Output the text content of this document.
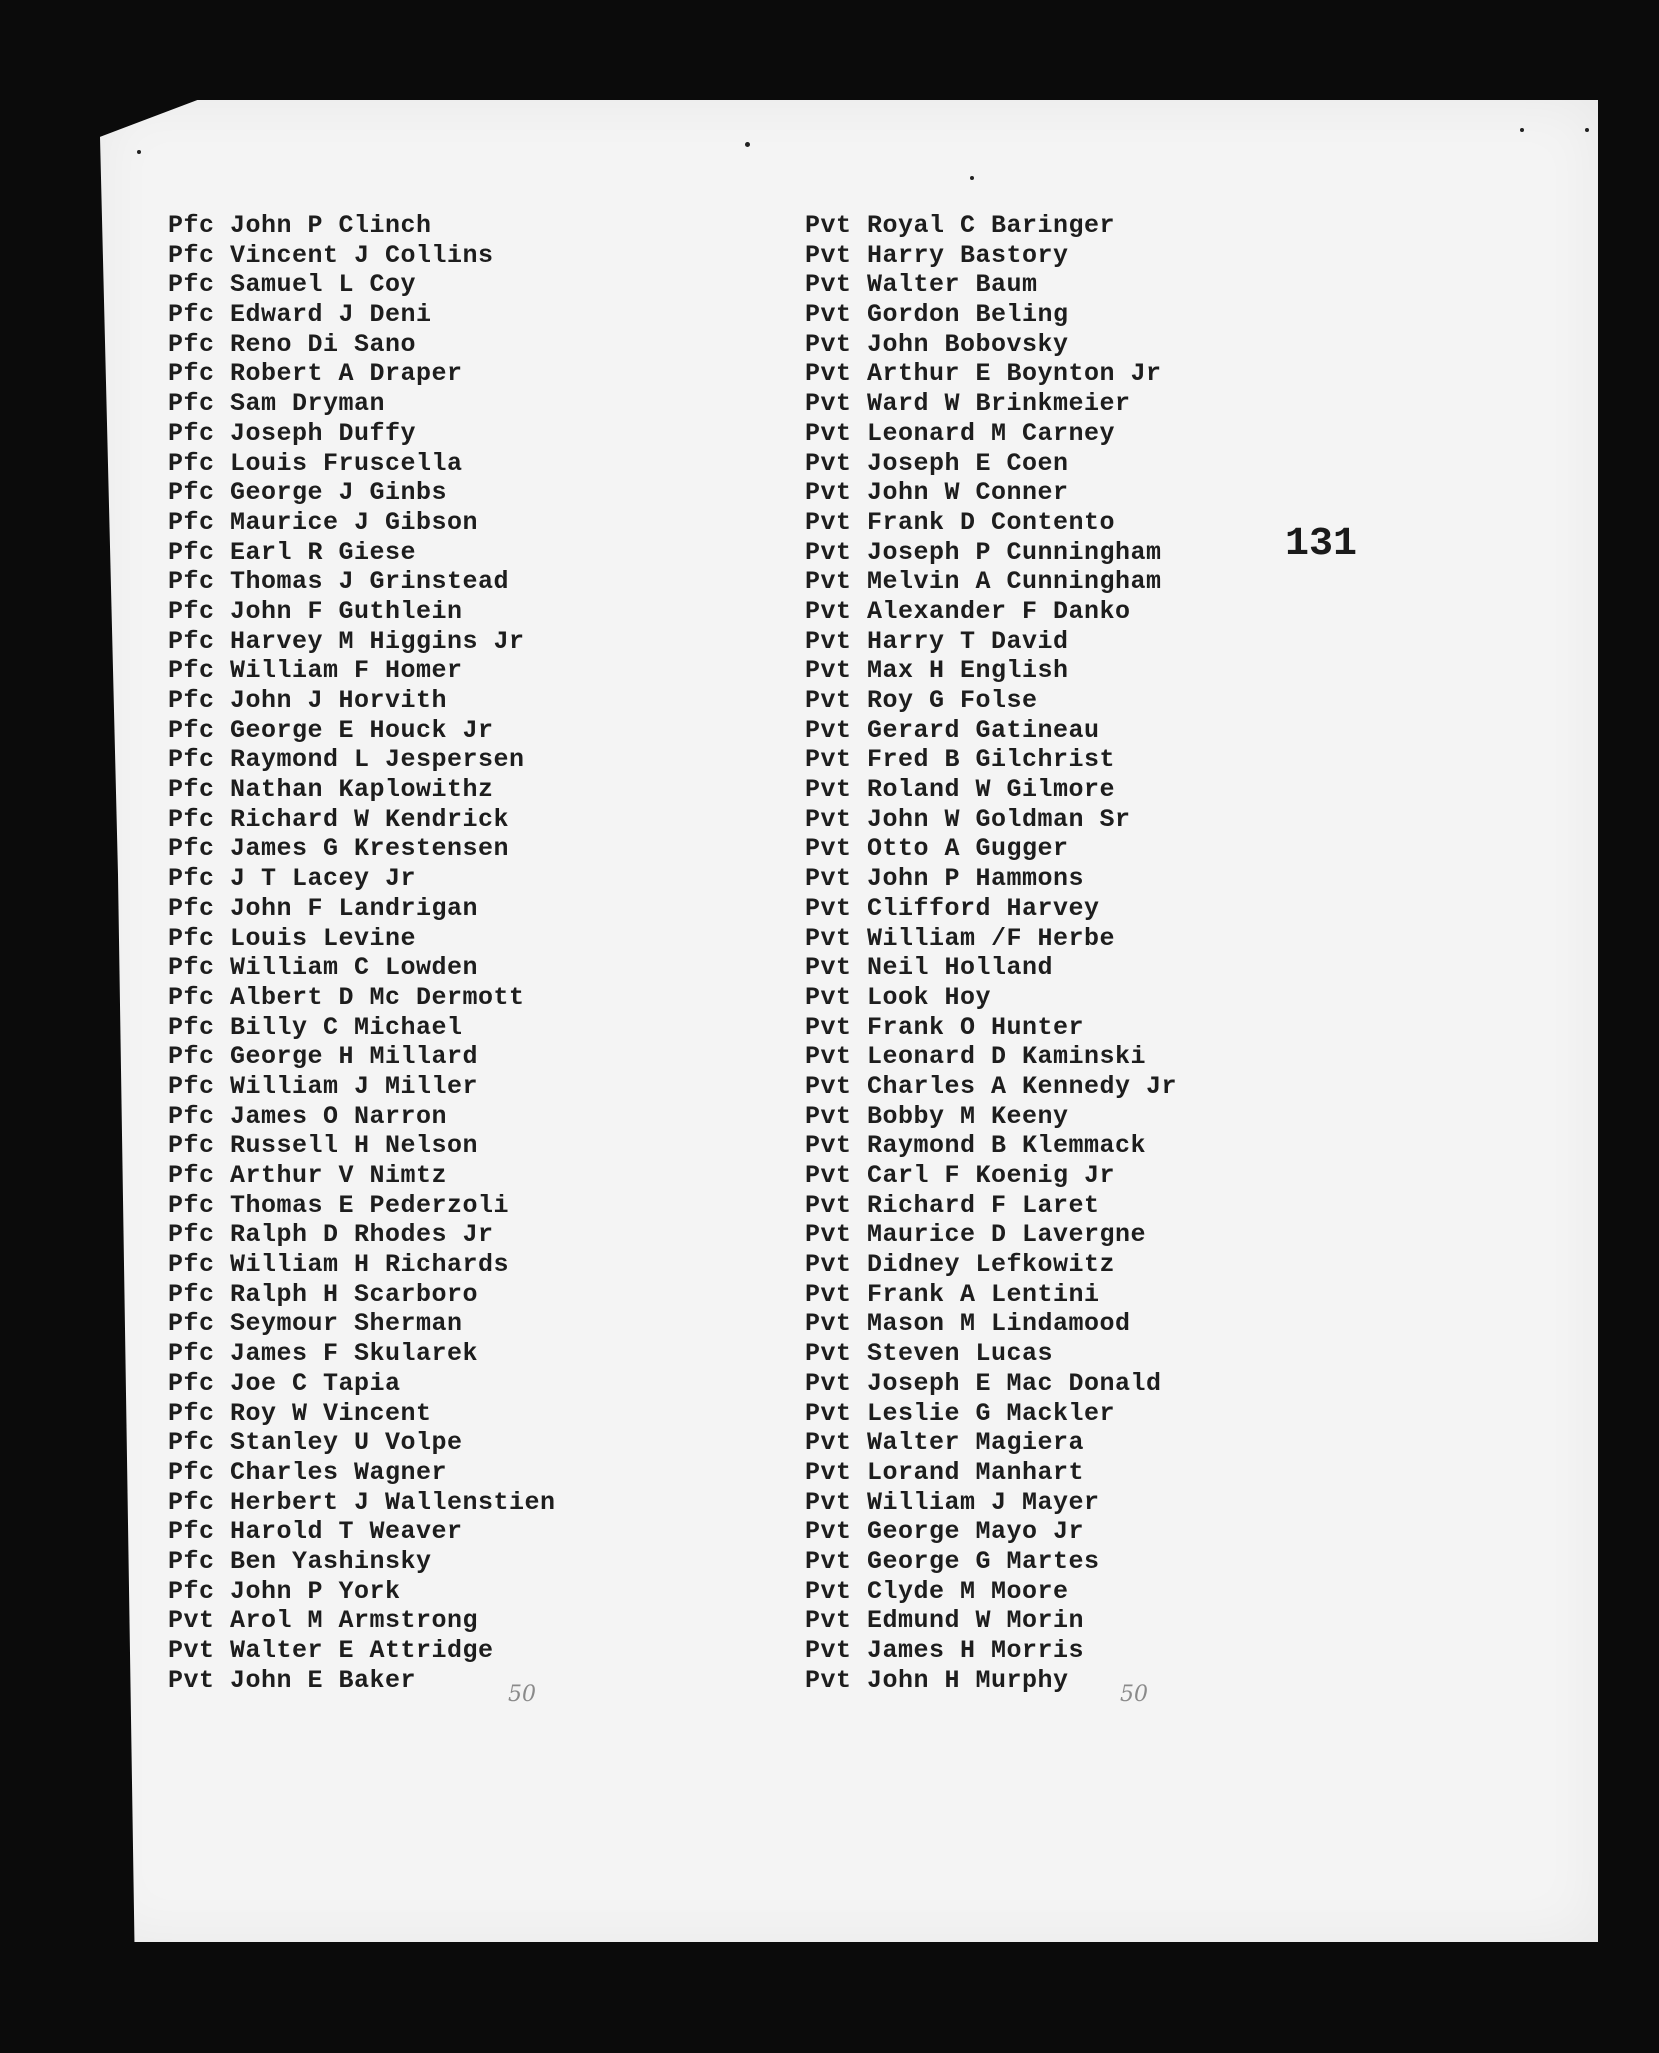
Pfc John P Clinch
Pfc Vincent J Collins
Pfc Samuel L Coy
Pfc Edward J Deni
Pfc Reno Di Sano
Pfc Robert A Draper
Pfc Sam Dryman
Pfc Joseph Duffy
Pfc Louis Fruscella
Pfc George J Ginbs
Pfc Maurice J Gibson
Pfc Earl R Giese
Pfc Thomas J Grinstead
Pfc John F Guthlein
Pfc Harvey M Higgins Jr
Pfc William F Homer
Pfc John J Horvith
Pfc George E Houck Jr
Pfc Raymond L Jespersen
Pfc Nathan Kaplowithz
Pfc Richard W Kendrick
Pfc James G Krestensen
Pfc J T Lacey Jr
Pfc John F Landrigan
Pfc Louis Levine
Pfc William C Lowden
Pfc Albert D Mc Dermott
Pfc Billy C Michael
Pfc George H Millard
Pfc William J Miller
Pfc James O Narron
Pfc Russell H Nelson
Pfc Arthur V Nimtz
Pfc Thomas E Pederzoli
Pfc Ralph D Rhodes Jr
Pfc William H Richards
Pfc Ralph H Scarboro
Pfc Seymour Sherman
Pfc James F Skularek
Pfc Joe C Tapia
Pfc Roy W Vincent
Pfc Stanley U Volpe
Pfc Charles Wagner
Pfc Herbert J Wallenstien
Pfc Harold T Weaver
Pfc Ben Yashinsky
Pfc John P York
Pvt Arol M Armstrong
Pvt Walter E Attridge
Pvt John E Baker
Pvt Royal C Baringer
Pvt Harry Bastory
Pvt Walter Baum
Pvt Gordon Beling
Pvt John Bobovsky
Pvt Arthur E Boynton Jr
Pvt Ward W Brinkmeier
Pvt Leonard M Carney
Pvt Joseph E Coen
Pvt John W Conner
Pvt Frank D Contento
Pvt Joseph P Cunningham
Pvt Melvin A Cunningham
Pvt Alexander F Danko
Pvt Harry T David
Pvt Max H English
Pvt Roy G Folse
Pvt Gerard Gatineau
Pvt Fred B Gilchrist
Pvt Roland W Gilmore
Pvt John W Goldman Sr
Pvt Otto A Gugger
Pvt John P Hammons
Pvt Clifford Harvey
Pvt William /F Herbe
Pvt Neil Holland
Pvt Look Hoy
Pvt Frank O Hunter
Pvt Leonard D Kaminski
Pvt Charles A Kennedy Jr
Pvt Bobby M Keeny
Pvt Raymond B Klemmack
Pvt Carl F Koenig Jr
Pvt Richard F Laret
Pvt Maurice D Lavergne
Pvt Didney Lefkowitz
Pvt Frank A Lentini
Pvt Mason M Lindamood
Pvt Steven Lucas
Pvt Joseph E Mac Donald
Pvt Leslie G Mackler
Pvt Walter Magiera
Pvt Lorand Manhart
Pvt William J Mayer
Pvt George Mayo Jr
Pvt George G Martes
Pvt Clyde M Moore
Pvt Edmund W Morin
Pvt James H Morris
Pvt John H Murphy
131
50	50
